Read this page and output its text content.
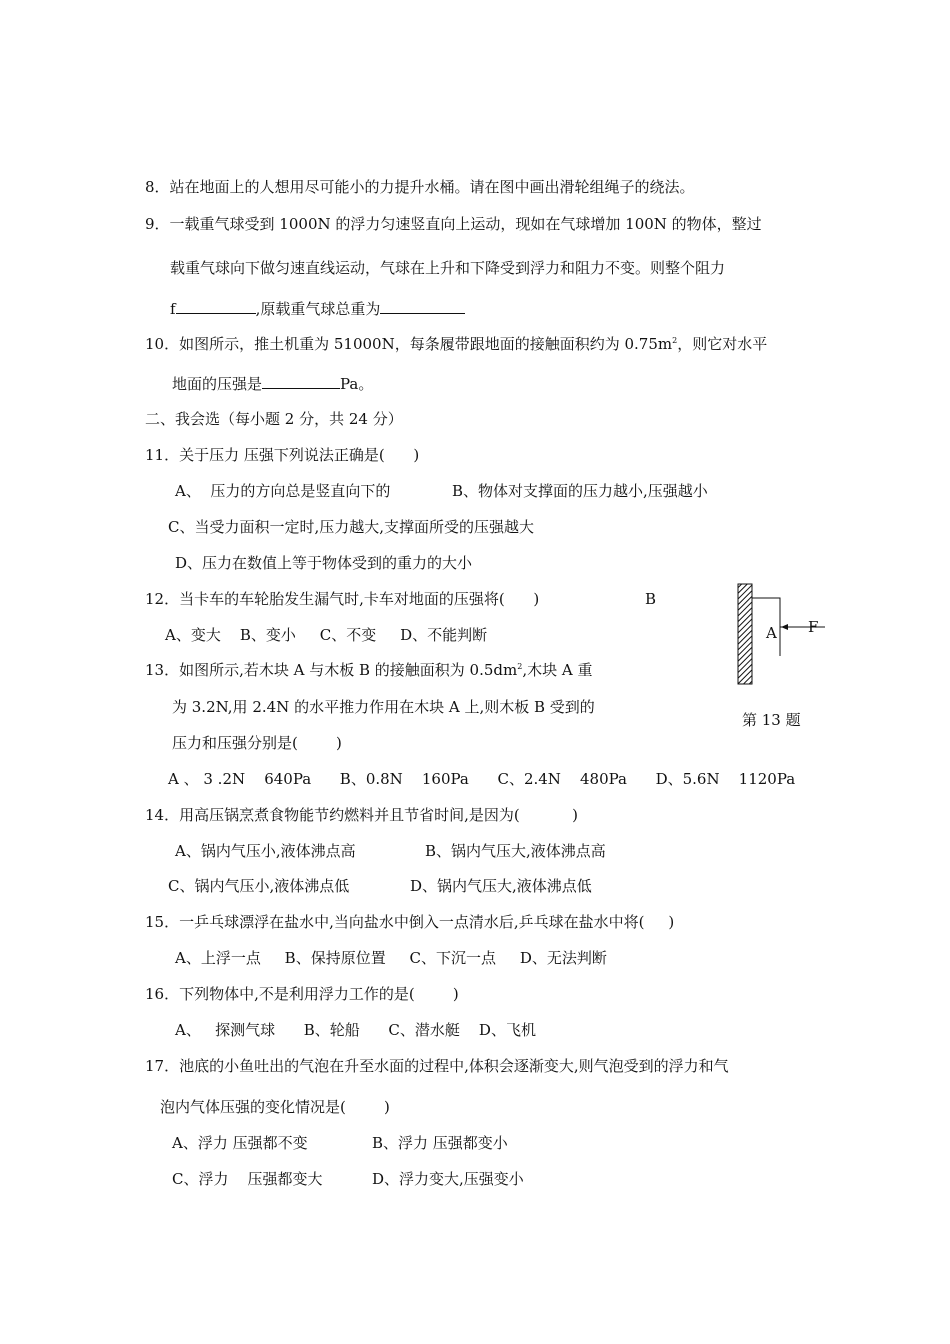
8．站在地面上的人想用尽可能小的力提升水桶。请在图中画出滑轮组绳子的绕法。
9．一载重气球受到 1000N 的浮力匀速竖直向上运动，现如在气球增加 100N 的物体，整过
载重气球向下做匀速直线运动，气球在上升和下降受到浮力和阻力不变。则整个阻力
f	,原载重气球总重为
10．如图所示，推土机重为 51000N，每条履带跟地面的接触面积约为 $0.75m^2$，则它对水平
地面的压强是	Pa。
二、我会选（每小题 2 分，共 24 分）
11．关于压力 压强下列说法正确是(      )
A、  压力的方向总是竖直向下的	B、物体对支撑面的压力越小,压强越小
C、当受力面积一定时,压力越大,支撑面所受的压强越大
D、压力在数值上等于物体受到的重力的大小
12．当卡车的车轮胎发生漏气时,卡车对地面的压强将(      )	B
A、变大    B、变小     C、不变     D、不能判断
13．如图所示,若木块 A 与木板 B 的接触面积为 $0.5dm^2$,木块 A 重
为 3.2N,用 2.4N 的水平推力作用在木块 A 上,则木板 B 受到的
压力和压强分别是(        )
A 、 3 .2N    640Pa      B、0.8N    160Pa      C、2.4N    480Pa      D、5.6N    1120Pa
A F
第 13 题
14．用高压锅烹煮食物能节约燃料并且节省时间,是因为(           )
A、锅内气压小,液体沸点高	B、锅内气压大,液体沸点高
C、锅内气压小,液体沸点低	D、锅内气压大,液体沸点低
15．一乒乓球漂浮在盐水中,当向盐水中倒入一点清水后,乒乓球在盐水中将(     )
A、上浮一点     B、保持原位置     C、下沉一点     D、无法判断
16．下列物体中,不是利用浮力工作的是(        )
A、   探测气球      B、轮船      C、潜水艇    D、飞机
17．池底的小鱼吐出的气泡在升至水面的过程中,体积会逐渐变大,则气泡受到的浮力和气
泡内气体压强的变化情况是(        )
A、浮力 压强都不变	B、浮力 压强都变小
C、浮力    压强都变大	D、浮力变大,压强变小
